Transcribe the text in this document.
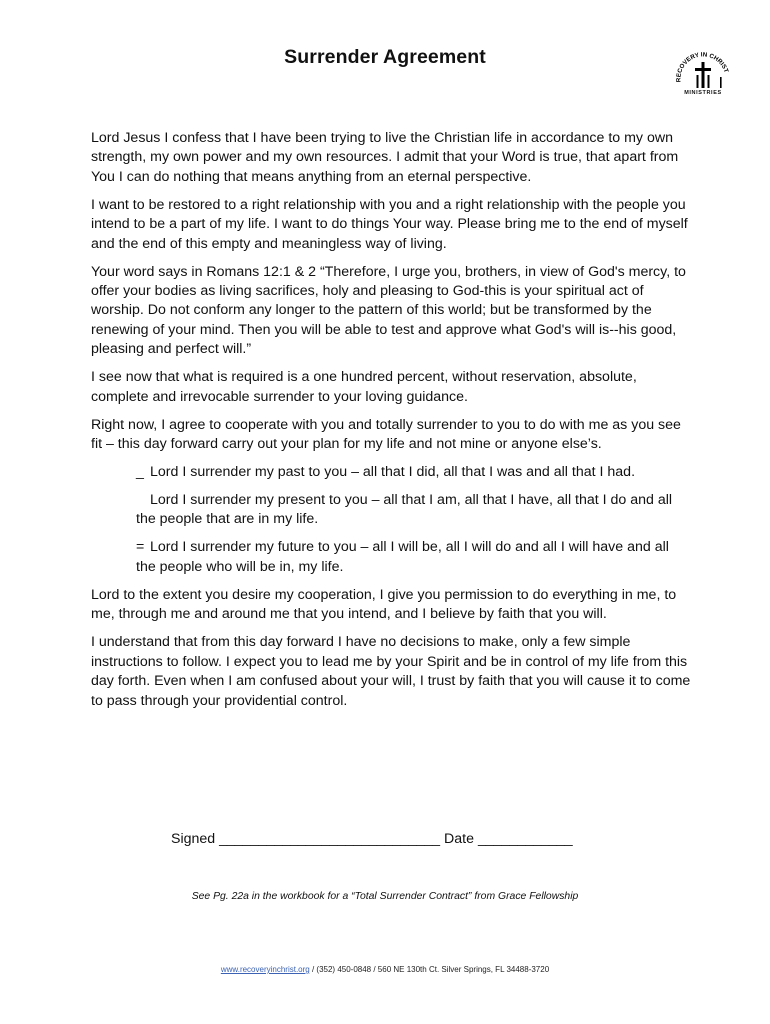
Surrender Agreement
RECOVERY IN CHRIST
MINISTRIES

Lord Jesus I confess that I have been trying to live the Christian life in accordance to my own strength, my own power and my own resources. I admit that your Word is true, that apart from You I can do nothing that means anything from an eternal perspective.

I want to be restored to a right relationship with you and a right relationship with the people you intend to be a part of my life. I want to do things Your way. Please bring me to the end of myself and the end of this empty and meaningless way of living.

Your word says in Romans 12:1 & 2 “Therefore, I urge you, brothers, in view of God's mercy, to offer your bodies as living sacrifices, holy and pleasing to God-this is your spiritual act of worship. Do not conform any longer to the pattern of this world; but be transformed by the renewing of your mind. Then you will be able to test and approve what God's will is--his good, pleasing and perfect will.”

I see now that what is required is a one hundred percent, without reservation, absolute, complete and irrevocable surrender to your loving guidance.

Right now, I agree to cooperate with you and totally surrender to you to do with me as you see fit – this day forward carry out your plan for my life and not mine or anyone else’s.

_ Lord I surrender my past to you – all that I did, all that I was and all that I had.
Lord I surrender my present to you – all that I am, all that I have, all that I do and all the people that are in my life.
= Lord I surrender my future to you – all I will be, all I will do and all I will have and all the people who will be in, my life.

Lord to the extent you desire my cooperation, I give you permission to do everything in me, to me, through me and around me that you intend, and I believe by faith that you will.

I understand that from this day forward I have no decisions to make, only a few simple instructions to follow. I expect you to lead me by your Spirit and be in control of my life from this day forth. Even when I am confused about your will, I trust by faith that you will cause it to come to pass through your providential control.

Signed ____________________________ Date ____________
See Pg. 22a in the workbook for a “Total Surrender Contract” from Grace Fellowship
www.recoveryinchrist.org / (352) 450-0848 / 560 NE 130th Ct. Silver Springs, FL 34488-3720
